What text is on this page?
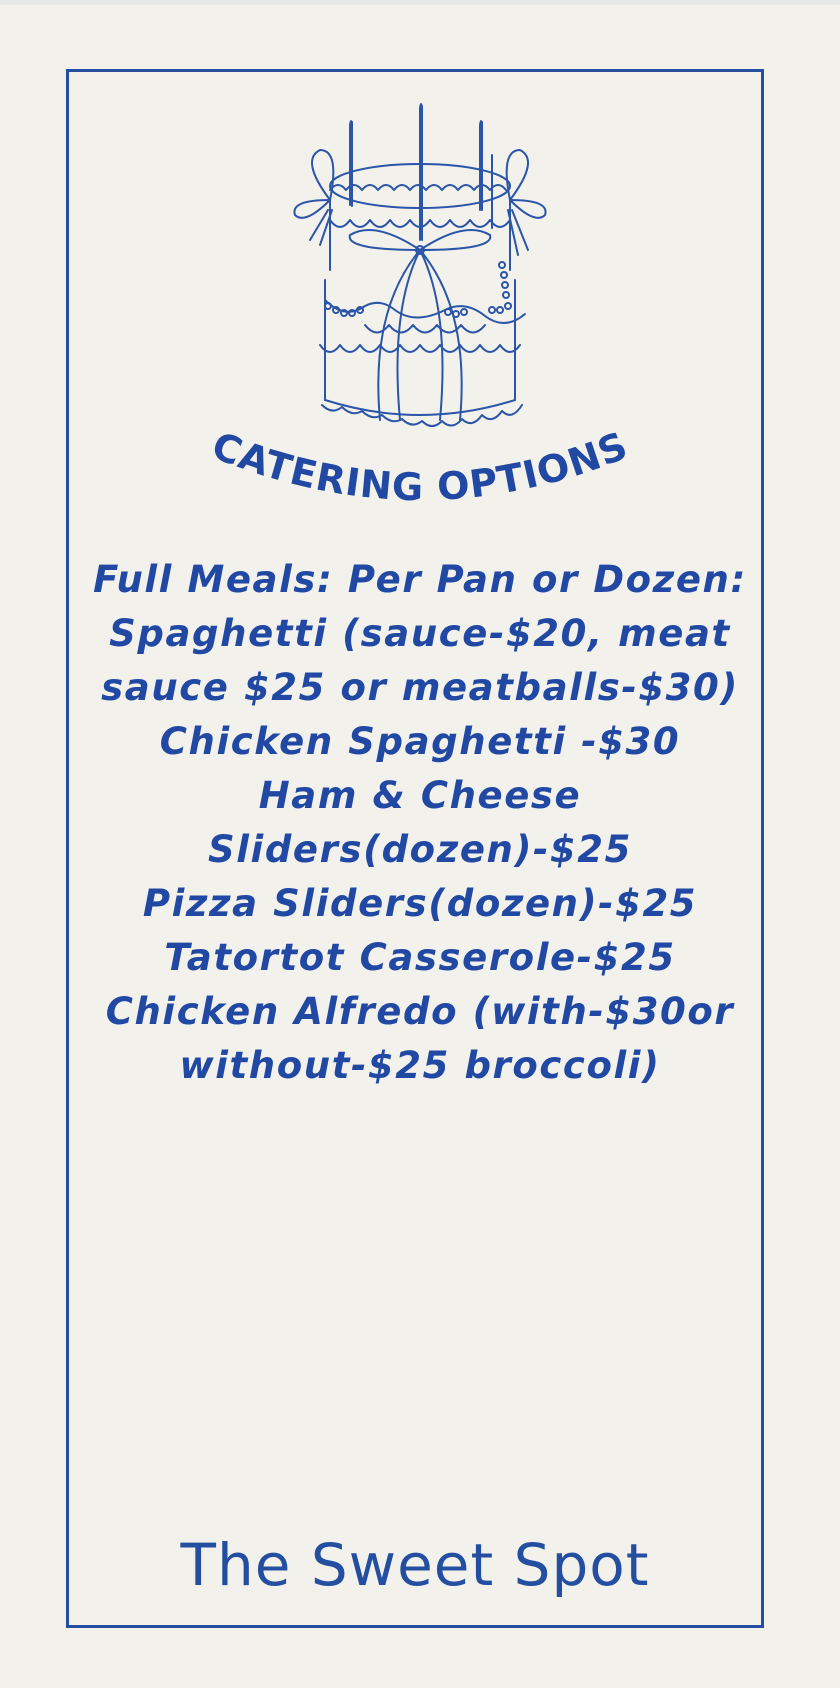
CATERING OPTIONS
Full Meals: Per Pan or Dozen:
Spaghetti (sauce-$20, meat
sauce $25 or meatballs-$30)
Chicken Spaghetti -$30
Ham & Cheese
Sliders(dozen)-$25
Pizza Sliders(dozen)-$25
Tatortot Casserole-$25
Chicken Alfredo (with-$30or
without-$25 broccoli)
The Sweet Spot
